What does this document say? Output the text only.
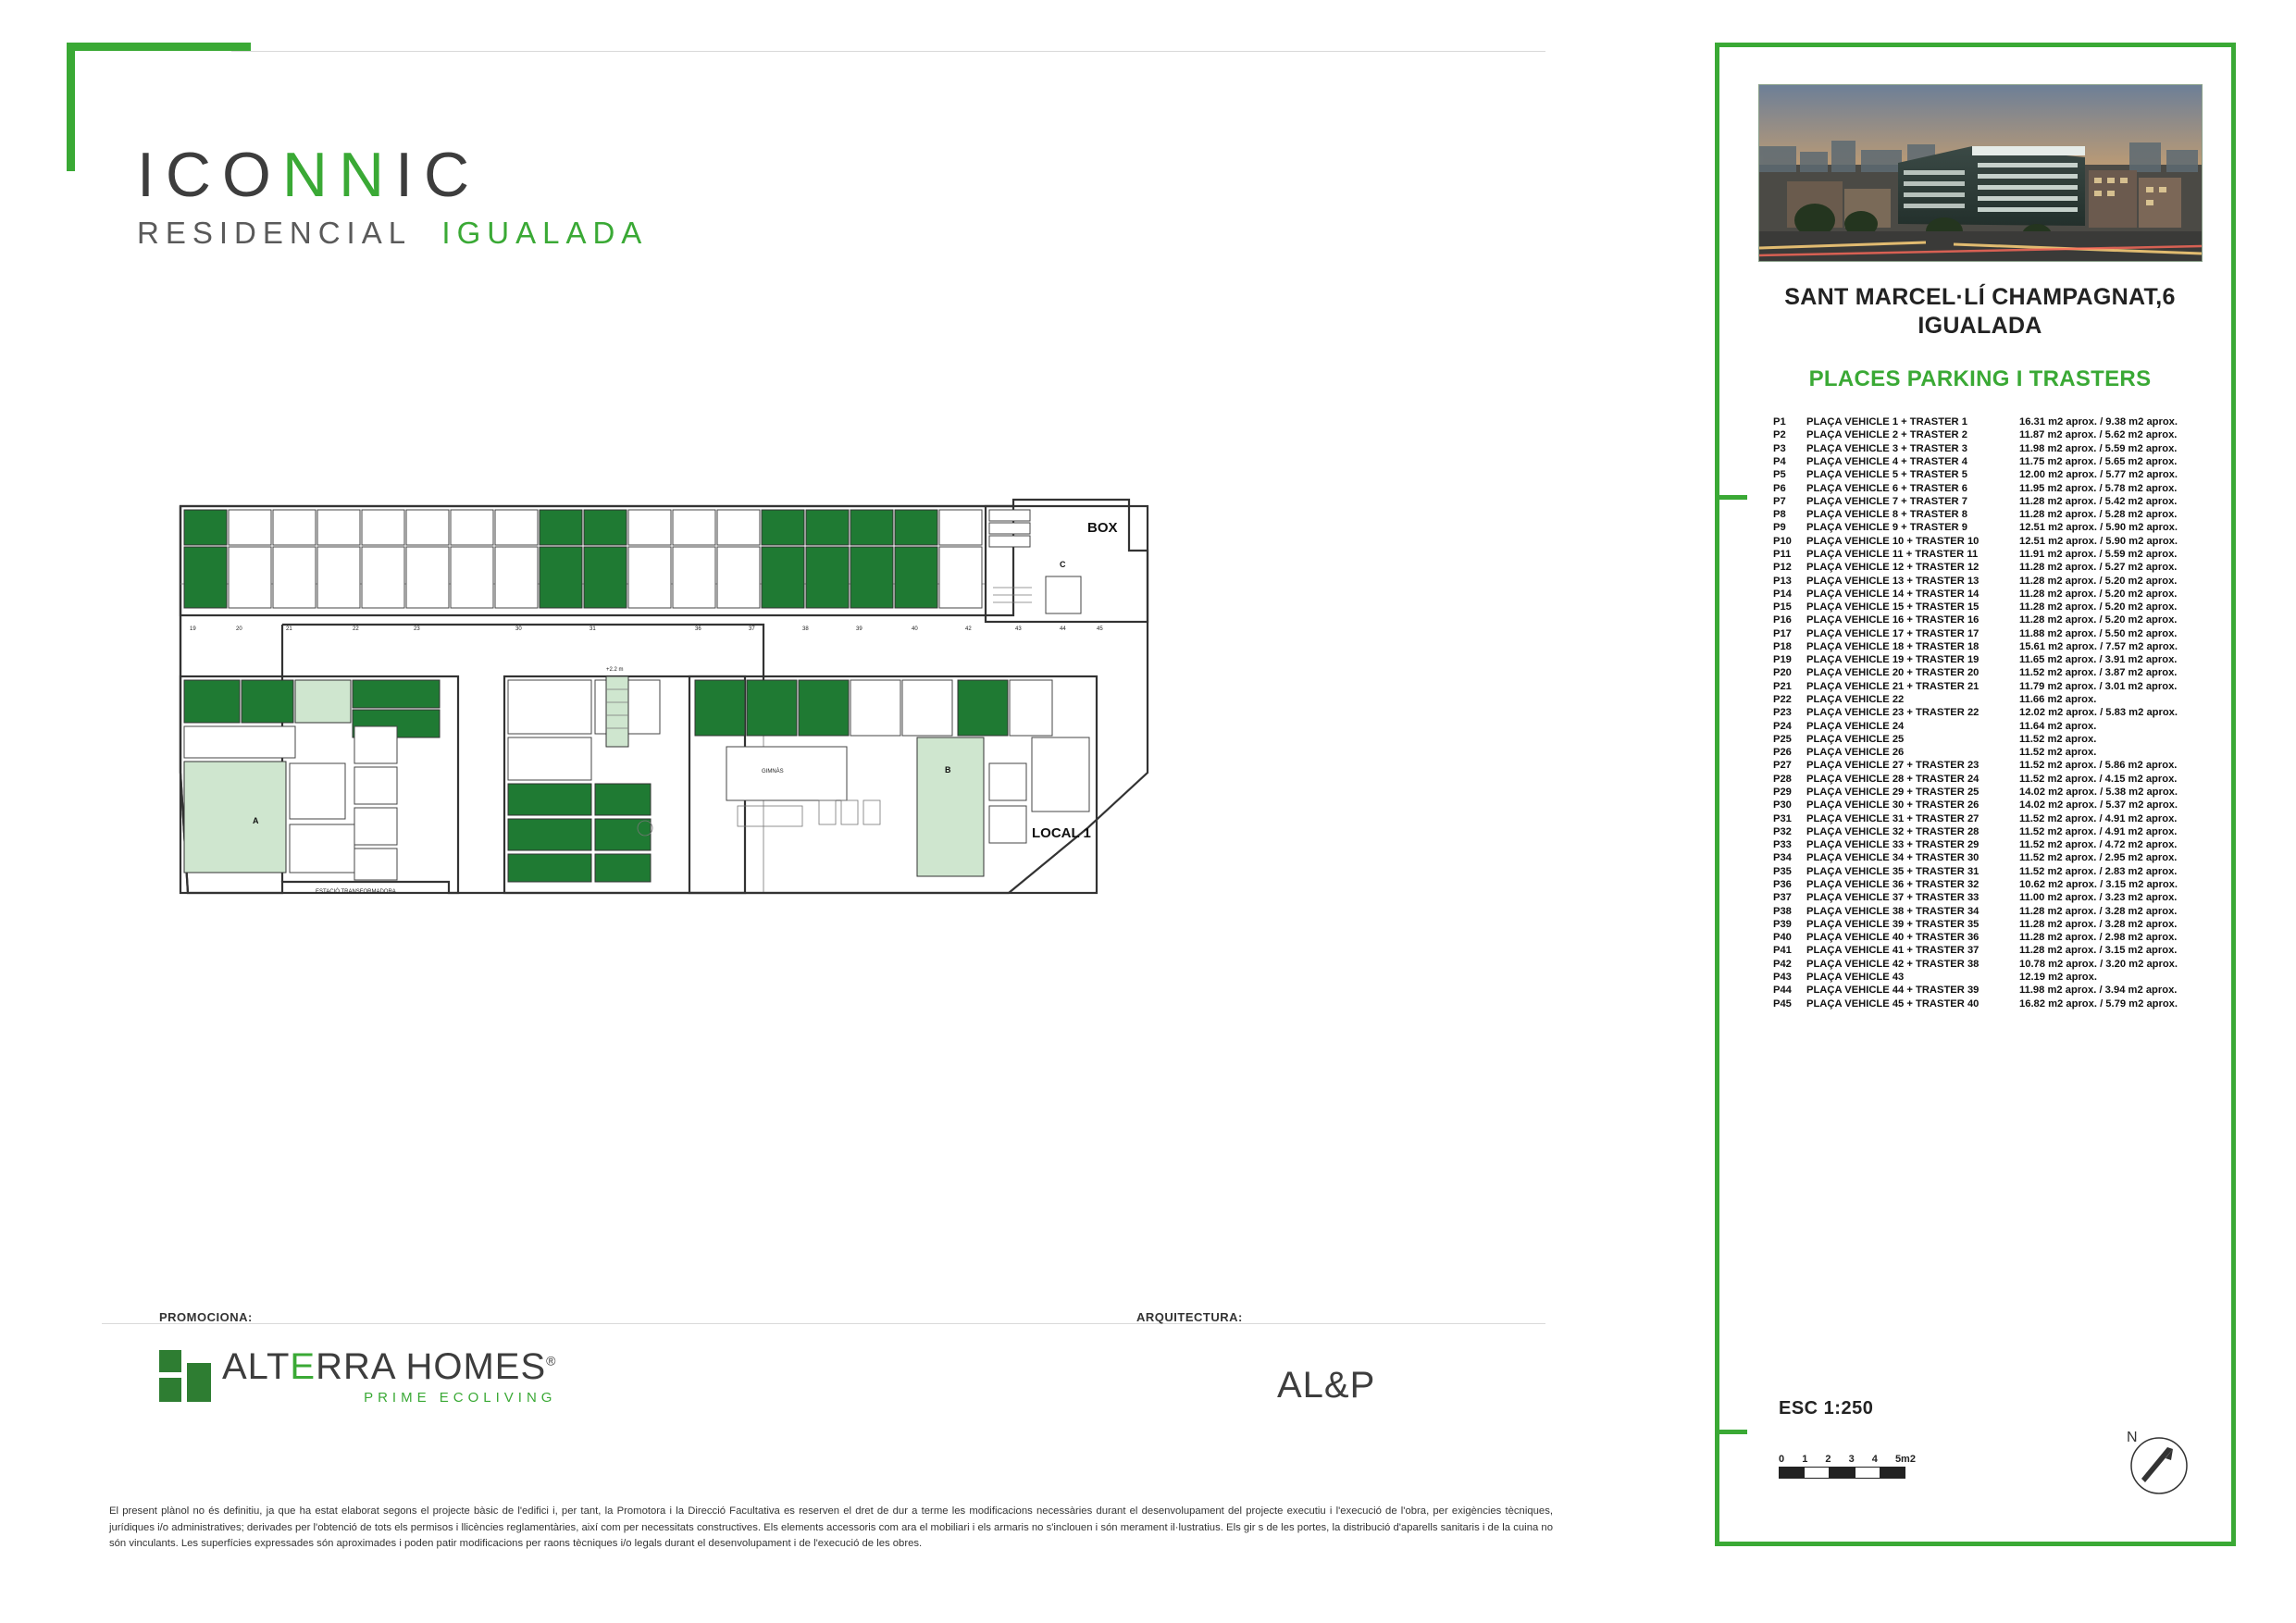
ICONNIC
RESIDENCIAL IGUALADA
BOX
C
A
ESTACIÓ TRANSFORMADORA
+2.2 m
GIMNÀS	B
LOCAL 1
19	20	21	22	23	30	31	36	37	38	39	40	42	43	44	45
PROMOCIONA:	ARQUITECTURA:
ALTERRA HOMES®
PRIME ECOLIVING	AL&P
El present plànol no és definitiu, ja que ha estat elaborat segons el projecte bàsic de l'edifici i, per tant, la Promotora i la Direcció Facultativa es reserven el dret de dur a terme les modificacions necessàries durant el desenvolupament del projecte executiu i l'execució de l'obra, per exigències tècniques, jurídiques i/o administratives; derivades per l'obtenció de tots els permisos i llicències reglamentàries, així com per necessitats constructives. Els elements accessoris com ara el mobiliari i els armaris no s'inclouen i són merament il·lustratius. Els gir s de les portes, la distribució d'aparells sanitaris i de la cuina no són vinculants. Les superfícies expressades són aproximades i poden patir modificacions per raons tècniques i/o legals durant el desenvolupament i de l'execució de les obres.
SANT MARCEL·LÍ CHAMPAGNAT,6
IGUALADA
PLACES PARKING I TRASTERS
P1	PLAÇA VEHICLE 1 + TRASTER 1	16.31 m2 aprox. / 9.38 m2 aprox.
P2	PLAÇA VEHICLE 2 + TRASTER 2	11.87 m2 aprox. / 5.62 m2 aprox.
P3	PLAÇA VEHICLE 3 + TRASTER 3	11.98 m2 aprox. / 5.59 m2 aprox.
P4	PLAÇA VEHICLE 4 + TRASTER 4	11.75 m2 aprox. / 5.65 m2 aprox.
P5	PLAÇA VEHICLE 5 + TRASTER 5	12.00 m2 aprox. / 5.77 m2 aprox.
P6	PLAÇA VEHICLE 6 + TRASTER 6	11.95 m2 aprox. / 5.78 m2 aprox.
P7	PLAÇA VEHICLE 7 + TRASTER 7	11.28 m2 aprox. / 5.42 m2 aprox.
P8	PLAÇA VEHICLE 8 + TRASTER 8	11.28 m2 aprox. / 5.28 m2 aprox.
P9	PLAÇA VEHICLE 9 + TRASTER 9	12.51 m2 aprox. / 5.90 m2 aprox.
P10	PLAÇA VEHICLE 10 + TRASTER 10	12.51 m2 aprox. / 5.90 m2 aprox.
P11	PLAÇA VEHICLE 11 + TRASTER 11	11.91 m2 aprox. / 5.59 m2 aprox.
P12	PLAÇA VEHICLE 12 + TRASTER 12	11.28 m2 aprox. / 5.27 m2 aprox.
P13	PLAÇA VEHICLE 13 + TRASTER 13	11.28 m2 aprox. / 5.20 m2 aprox.
P14	PLAÇA VEHICLE 14 + TRASTER 14	11.28 m2 aprox. / 5.20 m2 aprox.
P15	PLAÇA VEHICLE 15 + TRASTER 15	11.28 m2 aprox. / 5.20 m2 aprox.
P16	PLAÇA VEHICLE 16 + TRASTER 16	11.28 m2 aprox. / 5.20 m2 aprox.
P17	PLAÇA VEHICLE 17 + TRASTER 17	11.88 m2 aprox. / 5.50 m2 aprox.
P18	PLAÇA VEHICLE 18 + TRASTER 18	15.61 m2 aprox. / 7.57 m2 aprox.
P19	PLAÇA VEHICLE 19 + TRASTER 19	11.65 m2 aprox. / 3.91 m2 aprox.
P20	PLAÇA VEHICLE 20 + TRASTER 20	11.52 m2 aprox. / 3.87 m2 aprox.
P21	PLAÇA VEHICLE 21 + TRASTER 21	11.79 m2 aprox. / 3.01 m2 aprox.
P22	PLAÇA VEHICLE 22	11.66 m2 aprox.
P23	PLAÇA VEHICLE 23 + TRASTER 22	12.02 m2 aprox. / 5.83 m2 aprox.
P24	PLAÇA VEHICLE 24	11.64 m2 aprox.
P25	PLAÇA VEHICLE 25	11.52 m2 aprox.
P26	PLAÇA VEHICLE 26	11.52 m2 aprox.
P27	PLAÇA VEHICLE 27 + TRASTER 23	11.52 m2 aprox. / 5.86 m2 aprox.
P28	PLAÇA VEHICLE 28 + TRASTER 24	11.52 m2 aprox. / 4.15 m2 aprox.
P29	PLAÇA VEHICLE 29 + TRASTER 25	14.02 m2 aprox. / 5.38 m2 aprox.
P30	PLAÇA VEHICLE 30 + TRASTER 26	14.02 m2 aprox. / 5.37 m2 aprox.
P31	PLAÇA VEHICLE 31 + TRASTER 27	11.52 m2 aprox. / 4.91 m2 aprox.
P32	PLAÇA VEHICLE 32 + TRASTER 28	11.52 m2 aprox. / 4.91 m2 aprox.
P33	PLAÇA VEHICLE 33 + TRASTER 29	11.52 m2 aprox. / 4.72 m2 aprox.
P34	PLAÇA VEHICLE 34 + TRASTER 30	11.52 m2 aprox. / 2.95 m2 aprox.
P35	PLAÇA VEHICLE 35 + TRASTER 31	11.52 m2 aprox. / 2.83 m2 aprox.
P36	PLAÇA VEHICLE 36 + TRASTER 32	10.62 m2 aprox. / 3.15 m2 aprox.
P37	PLAÇA VEHICLE 37 + TRASTER 33	11.00 m2 aprox. / 3.23 m2 aprox.
P38	PLAÇA VEHICLE 38 + TRASTER 34	11.28 m2 aprox. / 3.28 m2 aprox.
P39	PLAÇA VEHICLE 39 + TRASTER 35	11.28 m2 aprox. / 3.28 m2 aprox.
P40	PLAÇA VEHICLE 40 + TRASTER 36	11.28 m2 aprox. / 2.98 m2 aprox.
P41	PLAÇA VEHICLE 41 + TRASTER 37	11.28 m2 aprox. / 3.15 m2 aprox.
P42	PLAÇA VEHICLE 42 + TRASTER 38	10.78 m2 aprox. / 3.20 m2 aprox.
P43	PLAÇA VEHICLE 43	12.19 m2 aprox.
P44	PLAÇA VEHICLE 44 + TRASTER 39	11.98 m2 aprox. / 3.94 m2 aprox.
P45	PLAÇA VEHICLE 45 + TRASTER 40	16.82 m2 aprox. / 5.79 m2 aprox.
ESC 1:250
0	1	2	3	4	5m2
N
